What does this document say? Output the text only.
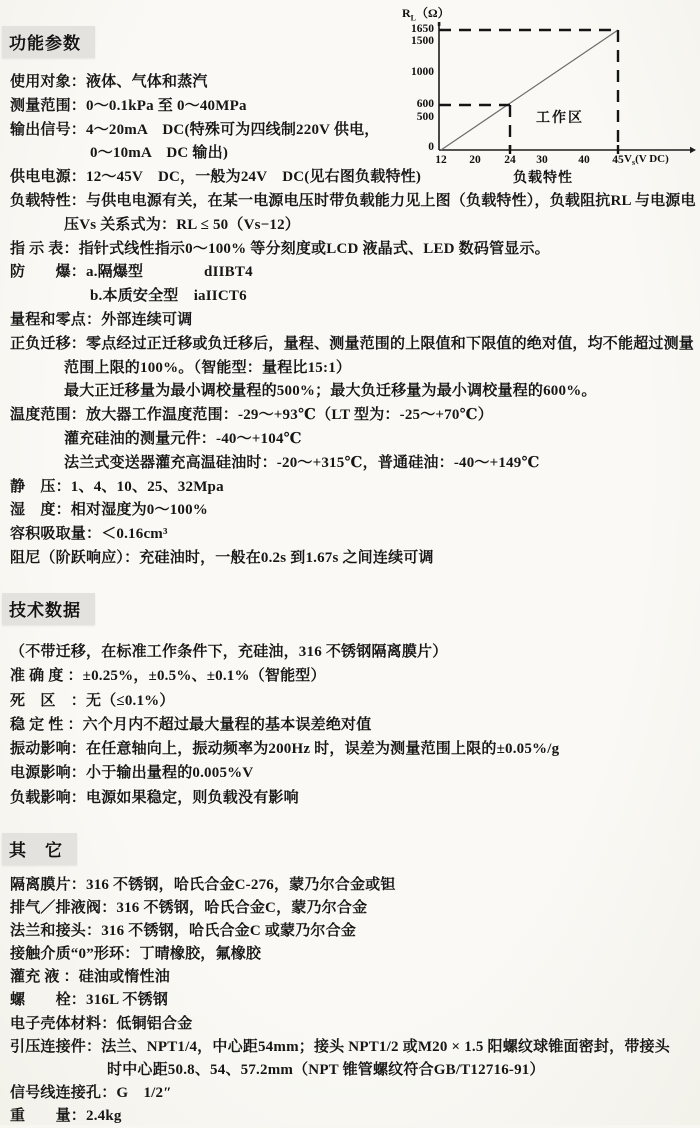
$R_L(\Omega)$
1650
1500
1000
600
500
0
12	20	24	30	40	45 $V_s(V$ DC)
工作区
负载特性
功能参数
使用对象：液体、气体和蒸汽
测量范围：0～0.1kPa 至 0～40MPa
输出信号：4～20mA　DC(特殊可为四线制220V 供电，
0～10mA　DC 输出)
供电电源：12～45V　DC，一般为24V　DC(见右图负载特性)
负载特性：与供电电源有关，在某一电源电压时带负载能力见上图（负载特性），负载阻抗RL 与电源电
压Vs 关系式为：RL ≤ 50（Vs−12）
指 示 表：指针式线性指示0～100% 等分刻度或LCD 液晶式、LED 数码管显示。
防　　爆：a.隔爆型　　　　dIIBT4
b.本质安全型　iaIICT6
量程和零点：外部连续可调
正负迁移：零点经过正迁移或负迁移后，量程、测量范围的上限值和下限值的绝对值，均不能超过测量
范围上限的100%。（智能型：量程比15:1）
最大正迁移量为最小调校量程的500%；最大负迁移量为最小调校量程的600%。
温度范围：放大器工作温度范围：-29～+93℃（LT 型为：-25～+70℃）
灌充硅油的测量元件：-40～+104℃
法兰式变送器灌充高温硅油时：-20～+315℃，普通硅油：-40～+149℃
静　压：1、4、10、25、32Mpa
湿　度：相对湿度为0～100%
容积吸取量：＜0.16cm³
阻尼（阶跃响应）：充硅油时，一般在0.2s 到1.67s 之间连续可调
技术数据
（不带迁移，在标准工作条件下，充硅油，316 不锈钢隔离膜片）
准 确 度 ：±0.25%，±0.5%、±0.1%（智能型）
死　区　：无（≤0.1%）
稳 定 性 ：六个月内不超过最大量程的基本误差绝对值
振动影响：在任意轴向上，振动频率为200Hz 时，误差为测量范围上限的±0.05%/g
电源影响：小于输出量程的0.005%V
负载影响：电源如果稳定，则负载没有影响
其　它
隔离膜片：316 不锈钢，哈氏合金C-276，蒙乃尔合金或钽
排气／排液阀：316 不锈钢，哈氏合金C，蒙乃尔合金
法兰和接头：316 不锈钢，哈氏合金C 或蒙乃尔合金
接触介质“0”形环：丁晴橡胶，氟橡胶
灌充 液 ：硅油或惰性油
螺　　栓：316L 不锈钢
电子壳体材料：低铜铝合金
引压连接件：法兰、NPT1/4，中心距54mm；接头 NPT1/2 或M20 × 1.5 阳螺纹球锥面密封，带接头
时中心距50.8、54、57.2mm（NPT 锥管螺纹符合GB/T12716-91）
信号线连接孔：G　1/2″
重　　量：2.4kg
